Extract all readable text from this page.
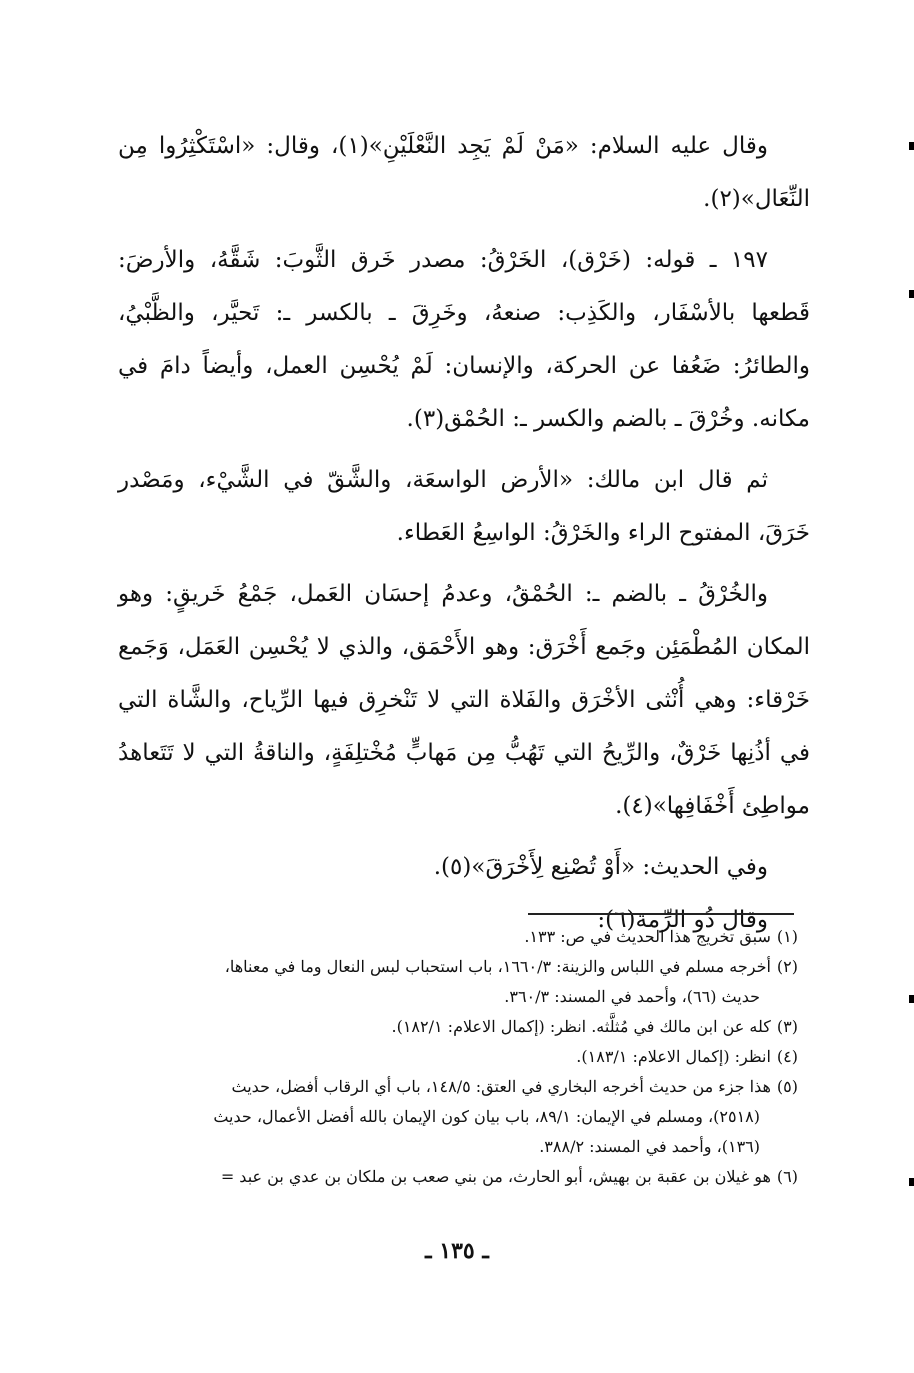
وقال عليه السلام: «مَنْ لَمْ يَجِد النَّعْلَيْنِ»(١)، وقال: «اسْتَكْثِرُوا مِن النِّعَال»(٢).

١٩٧ ـ قوله: (خَرْق)، الخَرْقُ: مصدر خَرق الثَّوبَ: شَقَّهُ، والأرضَ: قَطعها بالأسْفَار، والكَذِب: صنعهُ، وخَرِقَ ـ بالكسر ـ: تَحيَّر، والظَّبْيُ، والطائرُ: ضَعُفا عن الحركة، والإنسان: لَمْ يُحْسِن العمل، وأيضاً دامَ في مكانه. وخُرْقَ ـ بالضم والكسر ـ: الحُمْق(٣).

ثم قال ابن مالك: «الأرض الواسعَة، والشَّقّ في الشَّيْء، ومَصْدر خَرَقَ، المفتوح الراء والخَرْقُ: الواسِعُ العَطاء.

والخُرْقُ ـ بالضم ـ: الحُمْقُ، وعدمُ إحسَان العَمل، جَمْعُ خَريقٍ: وهو المكان المُطْمَئِن وجَمع أَخْرَق: وهو الأَحْمَق، والذي لا يُحْسِن العَمَل، وَجَمع خَرْقاء: وهي أُنْثى الأخْرَق والفَلاة التي لا تَنْخرِق فيها الرِّياح، والشَّاة التي في أذُنِها خَرْقٌ، والرِّيحُ التي تَهُبُّ مِن مَهابٍّ مُخْتلِفَةٍ، والناقةُ التي لا تَتَعاهدُ مواطِئ أَخْفَافِها»(٤).

وفي الحديث: «أَوْ تُصْنِع لِأَخْرَقَ»(٥).

وقال ذُو الرِّمة(٦):

(١)سبق تخريج هذا الحديث في ص: ١٣٣.

(٢)أخرجه مسلم في اللباس والزينة: ١٦٦٠/٣، باب استحباب لبس النعال وما في معناها،

حديث (٦٦)، وأحمد في المسند: ٣٦٠/٣.

(٣)كله عن ابن مالك في مُثلَّثه. انظر: (إكمال الاعلام: ١٨٢/١).

(٤)انظر: (إكمال الاعلام: ١٨٣/١).

(٥)هذا جزء من حديث أخرجه البخاري في العتق: ١٤٨/٥، باب أي الرقاب أفضل، حديث

(٢٥١٨)، ومسلم في الإيمان: ٨٩/١، باب بيان كون الإيمان بالله أفضل الأعمال، حديث

(١٣٦)، وأحمد في المسند: ٣٨٨/٢.

(٦)هو غيلان بن عقبة بن بهيش، أبو الحارث، من بني صعب بن ملكان بن عدي بن عبد =

ـ ١٣٥ ـ
